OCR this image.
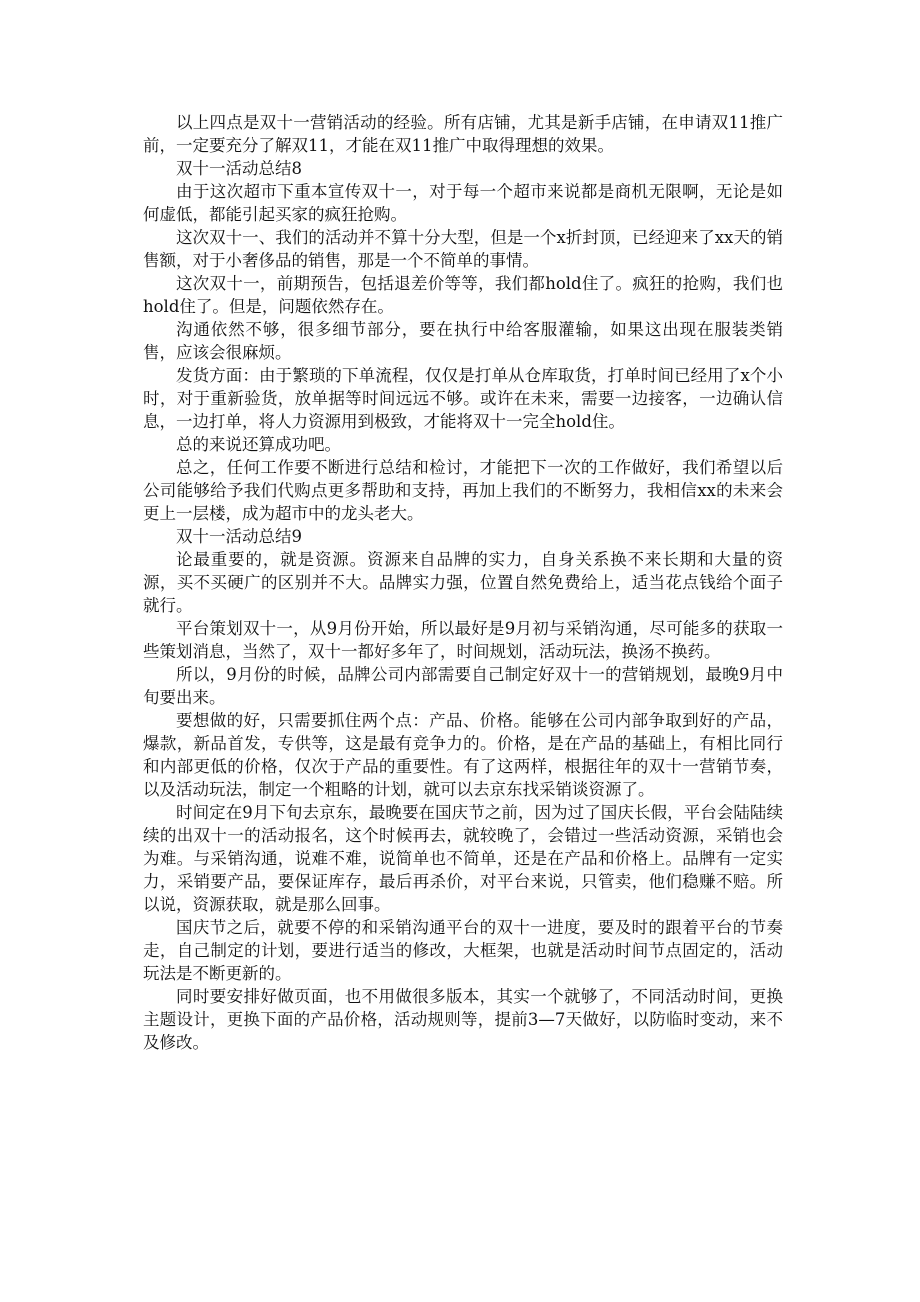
以上四点是双十一营销活动的经验。所有店铺，尤其是新手店铺，在申请双11推广前，一定要充分了解双11，才能在双11推广中取得理想的效果。

双十一活动总结8

由于这次超市下重本宣传双十一，对于每一个超市来说都是商机无限啊，无论是如何虚低，都能引起买家的疯狂抢购。

这次双十一、我们的活动并不算十分大型，但是一个x折封顶，已经迎来了xx天的销售额，对于小奢侈品的销售，那是一个不简单的事情。

这次双十一，前期预告，包括退差价等等，我们都hold住了。疯狂的抢购，我们也hold住了。但是，问题依然存在。

沟通依然不够，很多细节部分，要在执行中给客服灌输，如果这出现在服装类销售，应该会很麻烦。

发货方面：由于繁琐的下单流程，仅仅是打单从仓库取货，打单时间已经用了x个小时，对于重新验货，放单据等时间远远不够。或许在未来，需要一边接客，一边确认信息，一边打单，将人力资源用到极致，才能将双十一完全hold住。

总的来说还算成功吧。

总之，任何工作要不断进行总结和检讨，才能把下一次的工作做好，我们希望以后公司能够给予我们代购点更多帮助和支持，再加上我们的不断努力，我相信xx的未来会更上一层楼，成为超市中的龙头老大。

双十一活动总结9

论最重要的，就是资源。资源来自品牌的实力，自身关系换不来长期和大量的资源，买不买硬广的区别并不大。品牌实力强，位置自然免费给上，适当花点钱给个面子就行。

平台策划双十一，从9月份开始，所以最好是9月初与采销沟通，尽可能多的获取一些策划消息，当然了，双十一都好多年了，时间规划，活动玩法，换汤不换药。

所以，9月份的时候，品牌公司内部需要自己制定好双十一的营销规划，最晚9月中旬要出来。

要想做的好，只需要抓住两个点：产品、价格。能够在公司内部争取到好的产品，爆款，新品首发，专供等，这是最有竞争力的。价格，是在产品的基础上，有相比同行和内部更低的价格，仅次于产品的重要性。有了这两样，根据往年的双十一营销节奏，以及活动玩法，制定一个粗略的计划，就可以去京东找采销谈资源了。

时间定在9月下旬去京东，最晚要在国庆节之前，因为过了国庆长假，平台会陆陆续续的出双十一的活动报名，这个时候再去，就较晚了，会错过一些活动资源，采销也会为难。与采销沟通，说难不难，说简单也不简单，还是在产品和价格上。品牌有一定实力，采销要产品，要保证库存，最后再杀价，对平台来说，只管卖，他们稳赚不赔。所以说，资源获取，就是那么回事。

国庆节之后，就要不停的和采销沟通平台的双十一进度，要及时的跟着平台的节奏走，自己制定的计划，要进行适当的修改，大框架，也就是活动时间节点固定的，活动玩法是不断更新的。

同时要安排好做页面，也不用做很多版本，其实一个就够了，不同活动时间，更换主题设计，更换下面的产品价格，活动规则等，提前3—7天做好，以防临时变动，来不及修改。
